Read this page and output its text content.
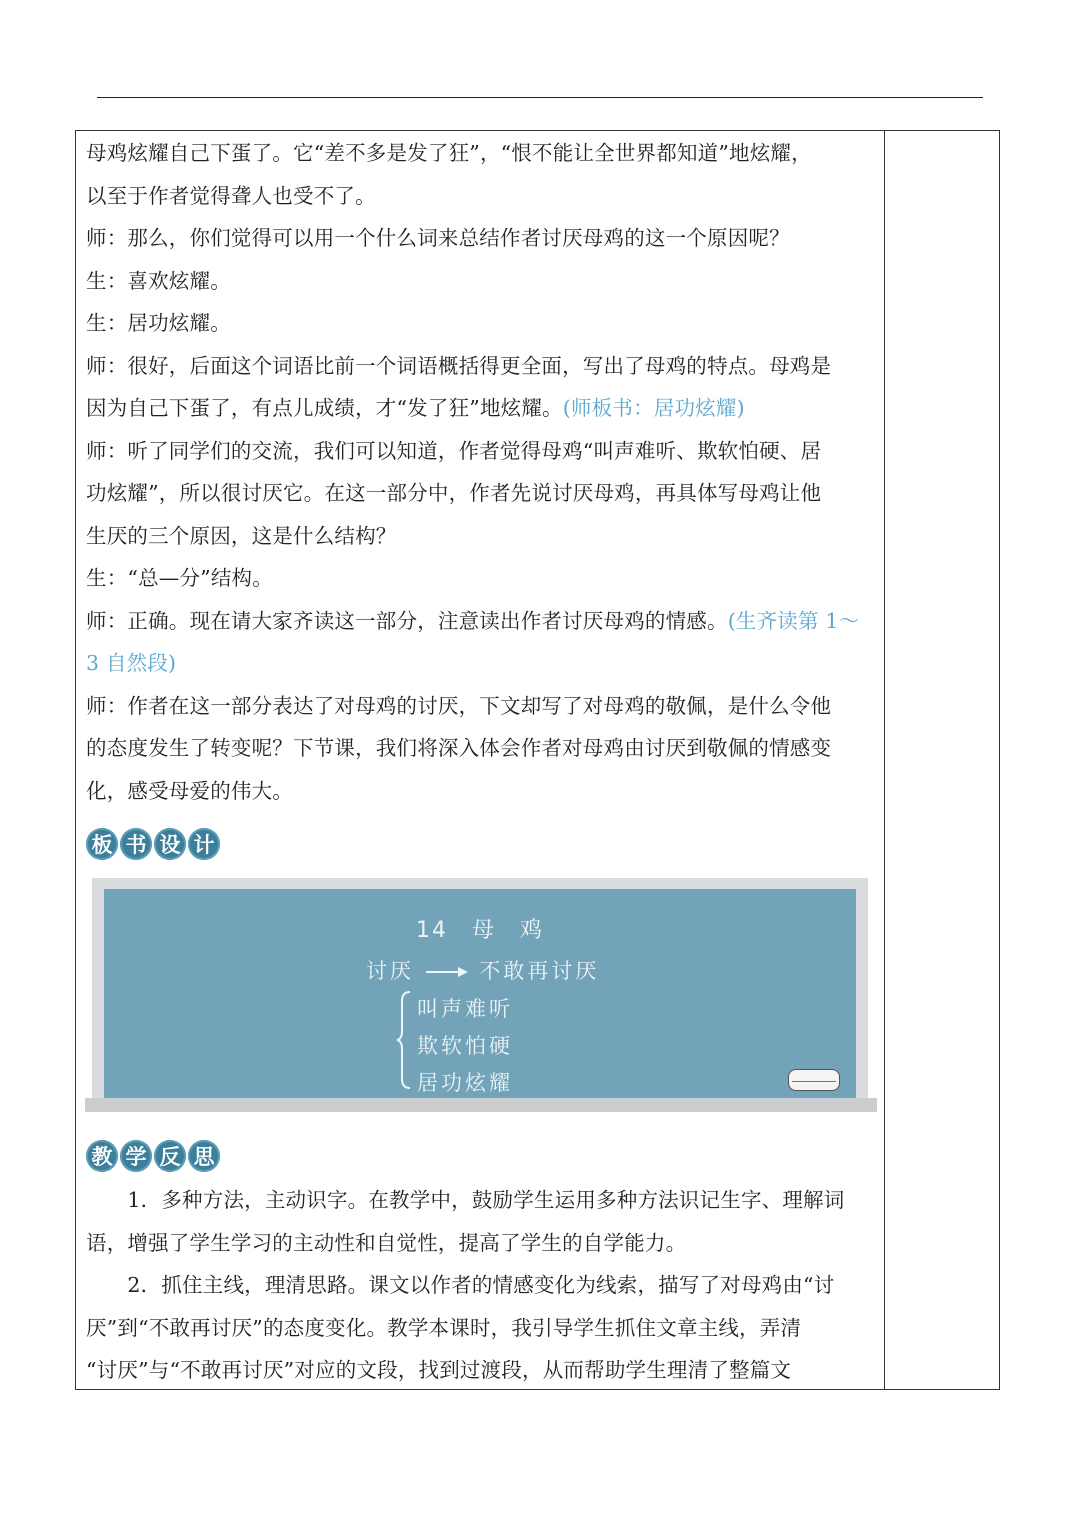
母鸡炫耀自己下蛋了。它“差不多是发了狂”，“恨不能让全世界都知道”地炫耀，
以至于作者觉得聋人也受不了。
师：那么，你们觉得可以用一个什么词来总结作者讨厌母鸡的这一个原因呢？
生：喜欢炫耀。
生：居功炫耀。
师：很好，后面这个词语比前一个词语概括得更全面，写出了母鸡的特点。母鸡是
因为自己下蛋了，有点儿成绩，才“发了狂”地炫耀。(师板书：居功炫耀)
师：听了同学们的交流，我们可以知道，作者觉得母鸡“叫声难听、欺软怕硬、居
功炫耀”，所以很讨厌它。在这一部分中，作者先说讨厌母鸡，再具体写母鸡让他
生厌的三个原因，这是什么结构？
生：“总—分”结构。
师：正确。现在请大家齐读这一部分，注意读出作者讨厌母鸡的情感。(生齐读第 1～
3 自然段)
师：作者在这一部分表达了对母鸡的讨厌，下文却写了对母鸡的敬佩，是什么令他
的态度发生了转变呢？下节课，我们将深入体会作者对母鸡由讨厌到敬佩的情感变
化，感受母爱的伟大。
板 书 设 计
14　母　鸡
讨厌	不敢再讨厌
叫声难听
欺软怕硬
居功炫耀
教 学 反 思
　　1．多种方法，主动识字。在教学中，鼓励学生运用多种方法识记生字、理解词
语，增强了学生学习的主动性和自觉性，提高了学生的自学能力。
　　2．抓住主线，理清思路。课文以作者的情感变化为线索，描写了对母鸡由“讨
厌”到“不敢再讨厌”的态度变化。教学本课时，我引导学生抓住文章主线，弄清
“讨厌”与“不敢再讨厌”对应的文段，找到过渡段，从而帮助学生理清了整篇文
